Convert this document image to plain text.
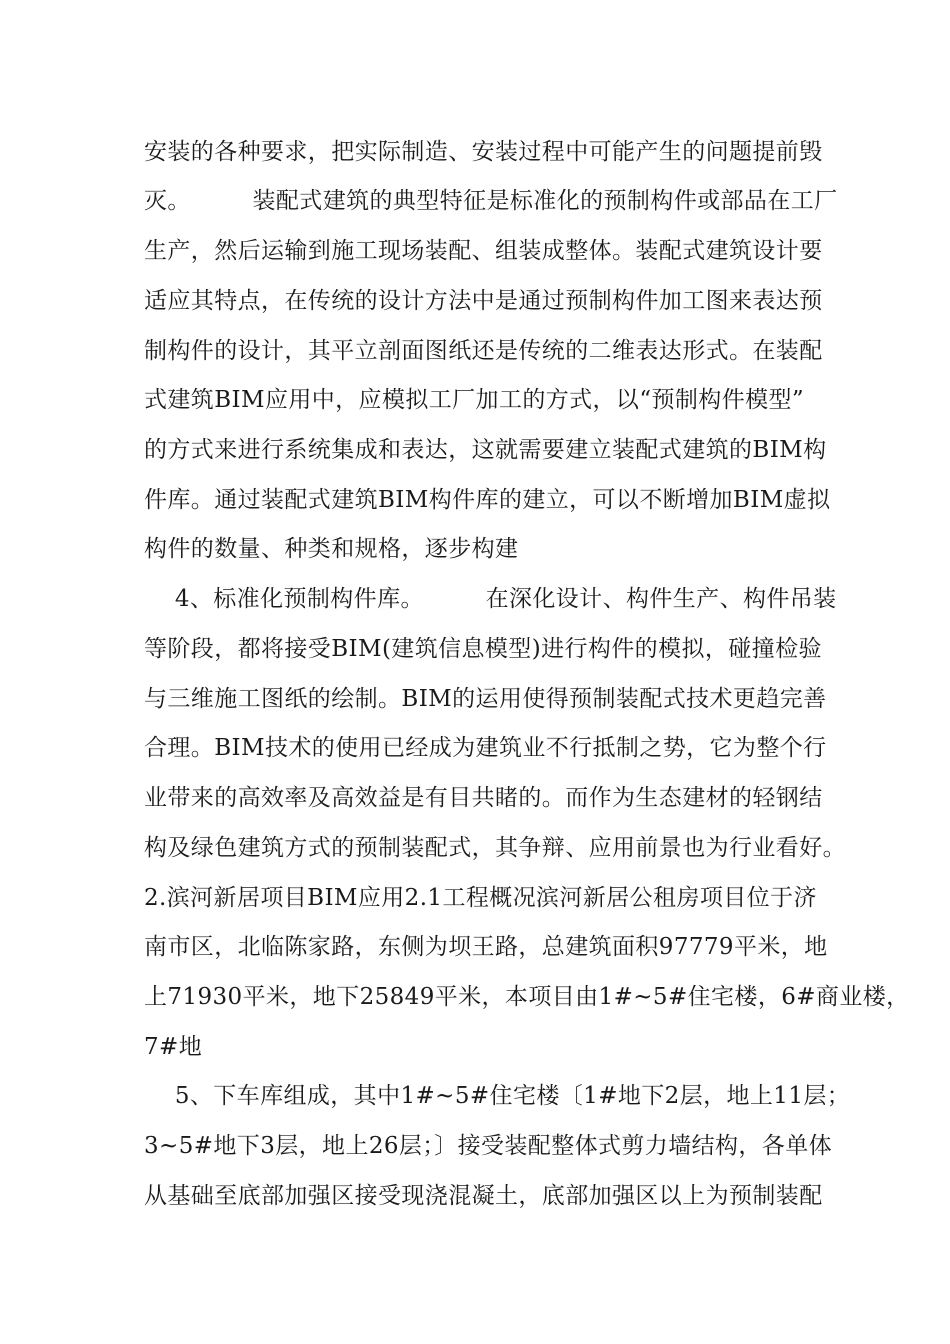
安装的各种要求，把实际制造、安装过程中可能产生的问题提前毁
灭。        装配式建筑的典型特征是标准化的预制构件或部品在工厂
生产，然后运输到施工现场装配、组装成整体。装配式建筑设计要
适应其特点，在传统的设计方法中是通过预制构件加工图来表达预
制构件的设计，其平立剖面图纸还是传统的二维表达形式。在装配
式建筑BIM应用中，应模拟工厂加工的方式，以“预制构件模型”
的方式来进行系统集成和表达，这就需要建立装配式建筑的BIM构
件库。通过装配式建筑BIM构件库的建立，可以不断增加BIM虚拟
构件的数量、种类和规格，逐步构建
4、标准化预制构件库。        在深化设计、构件生产、构件吊装
等阶段，都将接受BIM(建筑信息模型)进行构件的模拟，碰撞检验
与三维施工图纸的绘制。BIM的运用使得预制装配式技术更趋完善
合理。BIM技术的使用已经成为建筑业不行抵制之势，它为整个行
业带来的高效率及高效益是有目共睹的。而作为生态建材的轻钢结
构及绿色建筑方式的预制装配式，其争辩、应用前景也为行业看好。
2.滨河新居项目BIM应用2.1工程概况滨河新居公租房项目位于济
南市区，北临陈家路，东侧为坝王路，总建筑面积97779平米，地
上71930平米，地下25849平米，本项目由1#~5#住宅楼，6#商业楼，
7#地
5、下车库组成，其中1#~5#住宅楼〔1#地下2层，地上11层；
3~5#地下3层，地上26层；〕接受装配整体式剪力墙结构，各单体
从基础至底部加强区接受现浇混凝土，底部加强区以上为预制装配
